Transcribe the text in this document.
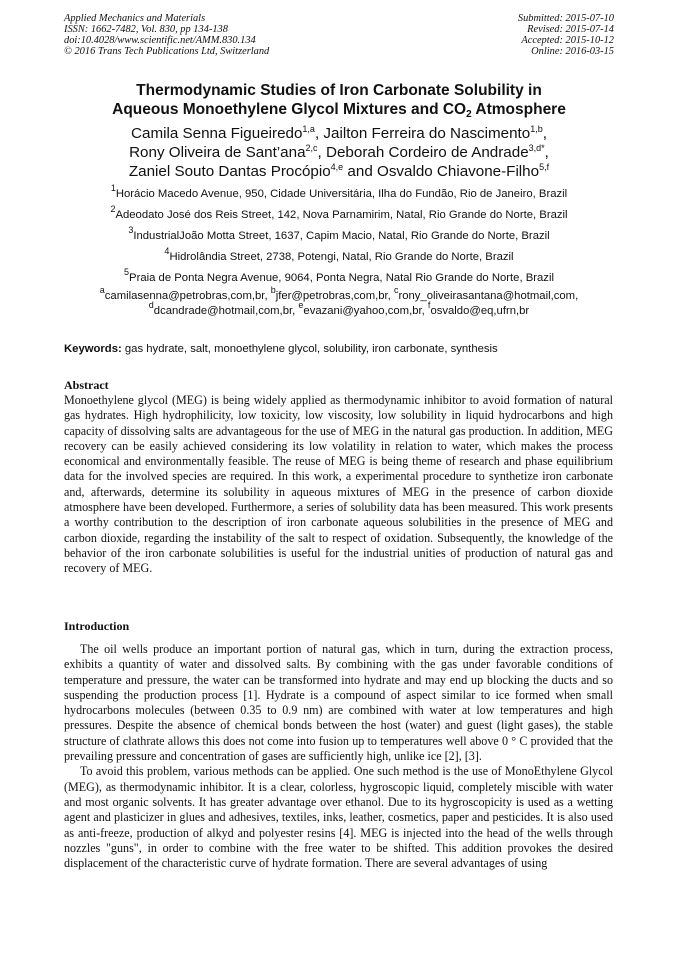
Applied Mechanics and Materials
ISSN: 1662-7482, Vol. 830, pp 134-138
doi:10.4028/www.scientific.net/AMM.830.134
© 2016 Trans Tech Publications Ltd, Switzerland
Submitted: 2015-07-10
Revised: 2015-07-14
Accepted: 2015-10-12
Online: 2016-03-15
Thermodynamic Studies of Iron Carbonate Solubility in
Aqueous Monoethylene Glycol Mixtures and $CO_2$ Atmosphere
Camila Senna Figueiredo$^{1,a}$, Jailton Ferreira do Nascimento$^{1,b}$,
Rony Oliveira de Sant’ana$^{2,c}$, Deborah Cordeiro de Andrade$^{3,d*}$,
Zaniel Souto Dantas Procópio$^{4,e}$ and Osvaldo Chiavone-Filho$^{5,f}$
$^1$Horácio Macedo Avenue, 950, Cidade Universitária, Ilha do Fundão, Rio de Janeiro, Brazil
$^2$Adeodato José dos Reis Street, 142, Nova Parnamirim, Natal, Rio Grande do Norte, Brazil
$^3$IndustrialJoão Motta Street, 1637, Capim Macio, Natal, Rio Grande do Norte, Brazil
$^4$Hidrolândia Street, 2738, Potengi, Natal, Rio Grande do Norte, Brazil
$^5$Praia de Ponta Negra Avenue, 9064, Ponta Negra, Natal Rio Grande do Norte, Brazil
$^a$camilasenna@petrobras,com,br, $^b$jfer@petrobras,com,br, $^c$rony_oliveirasantana@hotmail,com,
$^d$dcandrade@hotmail,com,br, $^e$evazani@yahoo,com,br, $^f$osvaldo@eq,ufrn,br
Keywords: gas hydrate, salt, monoethylene glycol, solubility, iron carbonate, synthesis
Abstract

Monoethylene glycol (MEG) is being widely applied as thermodynamic inhibitor to avoid formation of natural gas hydrates. High hydrophilicity, low toxicity, low viscosity, low solubility in liquid hydrocarbons and high capacity of dissolving salts are advantageous for the use of MEG in the natural gas production. In addition, MEG recovery can be easily achieved considering its low volatility in relation to water, which makes the process economical and environmentally feasible. The reuse of MEG is being theme of research and phase equilibrium data for the involved species are required. In this work, a experimental procedure to synthetize iron carbonate and, afterwards, determine its solubility in aqueous mixtures of MEG in the presence of carbon dioxide atmosphere have been developed. Furthermore, a series of solubility data has been measured. This work presents a worthy contribution to the description of iron carbonate aqueous solubilities in the presence of MEG and carbon dioxide, regarding the instability of the salt to respect of oxidation. Subsequently, the knowledge of the behavior of the iron carbonate solubilities is useful for the industrial unities of production of natural gas and recovery of MEG.

Introduction

The oil wells produce an important portion of natural gas, which in turn, during the extraction process, exhibits a quantity of water and dissolved salts. By combining with the gas under favorable conditions of temperature and pressure, the water can be transformed into hydrate and may end up blocking the ducts and so suspending the production process [1]. Hydrate is a compound of aspect similar to ice formed when small hydrocarbons molecules (between 0.35 to 0.9 nm) are combined with water at low temperatures and high pressures. Despite the absence of chemical bonds between the host (water) and guest (light gases), the stable structure of clathrate allows this does not come into fusion up to temperatures well above 0 ° C provided that the prevailing pressure and concentration of gases are sufficiently high, unlike ice [2], [3].

To avoid this problem, various methods can be applied. One such method is the use of MonoEthylene Glycol (MEG), as thermodynamic inhibitor. It is a clear, colorless, hygroscopic liquid, completely miscible with water and most organic solvents. It has greater advantage over ethanol. Due to its hygroscopicity is used as a wetting agent and plasticizer in glues and adhesives, textiles, inks, leather, cosmetics, paper and pesticides. It is also used as anti-freeze, production of alkyd and polyester resins [4]. MEG is injected into the head of the wells through nozzles "guns", in order to combine with the free water to be shifted. This addition provokes the desired displacement of the characteristic curve of hydrate formation. There are several advantages of using
